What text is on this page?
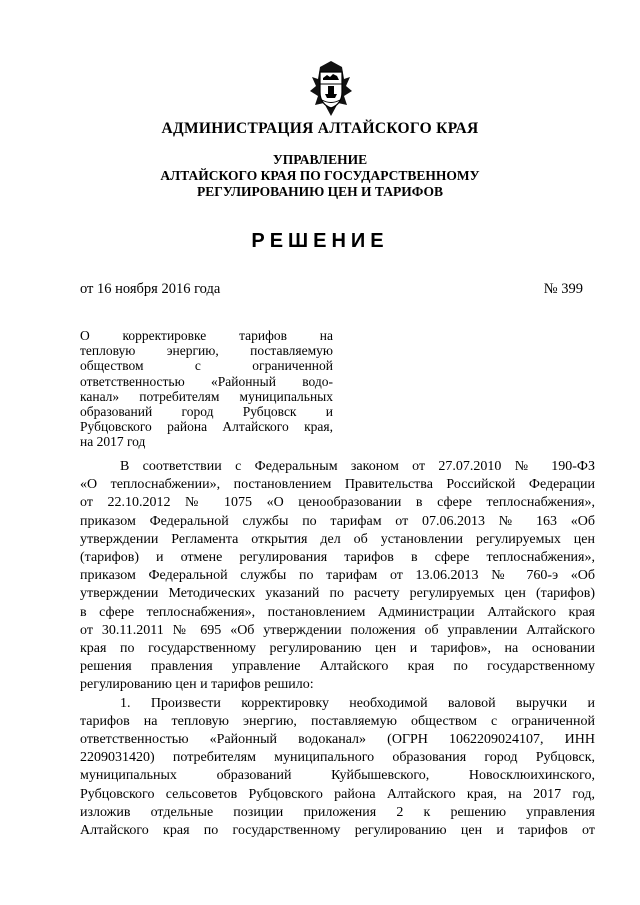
АДМИНИСТРАЦИЯ АЛТАЙСКОГО КРАЯ
УПРАВЛЕНИЕ
АЛТАЙСКОГО КРАЯ ПО ГОСУДАРСТВЕННОМУ
РЕГУЛИРОВАНИЮ ЦЕН И ТАРИФОВ
РЕШЕНИЕ
от 16 ноября 2016 года	№ 399
О корректировке тарифов на
тепловую энергию, поставляемую
обществом с ограниченной
ответственностью «Районный водо-
канал» потребителям муниципальных
образований город Рубцовск и
Рубцовского района Алтайского края,
на 2017 год
В соответствии с Федеральным законом от 27.07.2010 № 190-ФЗ
«О теплоснабжении», постановлением Правительства Российской Федерации
от 22.10.2012 № 1075 «О ценообразовании в сфере теплоснабжения»,
приказом Федеральной службы по тарифам от 07.06.2013 № 163 «Об
утверждении Регламента открытия дел об установлении регулируемых цен
(тарифов) и отмене регулирования тарифов в сфере теплоснабжения»,
приказом Федеральной службы по тарифам от 13.06.2013 № 760-э «Об
утверждении Методических указаний по расчету регулируемых цен (тарифов)
в сфере теплоснабжения», постановлением Администрации Алтайского края
от 30.11.2011 № 695 «Об утверждении положения об управлении Алтайского
края по государственному регулированию цен и тарифов», на основании
решения правления управление Алтайского края по государственному
регулированию цен и тарифов решило:
1. Произвести корректировку необходимой валовой выручки и
тарифов на тепловую энергию, поставляемую обществом с ограниченной
ответственностью «Районный водоканал» (ОГРН 1062209024107, ИНН
2209031420) потребителям муниципального образования город Рубцовск,
муниципальных образований Куйбышевского, Новосклюихинского,
Рубцовского сельсоветов Рубцовского района Алтайского края, на 2017 год,
изложив отдельные позиции приложения 2 к решению управления
Алтайского края по государственному регулированию цен и тарифов от
